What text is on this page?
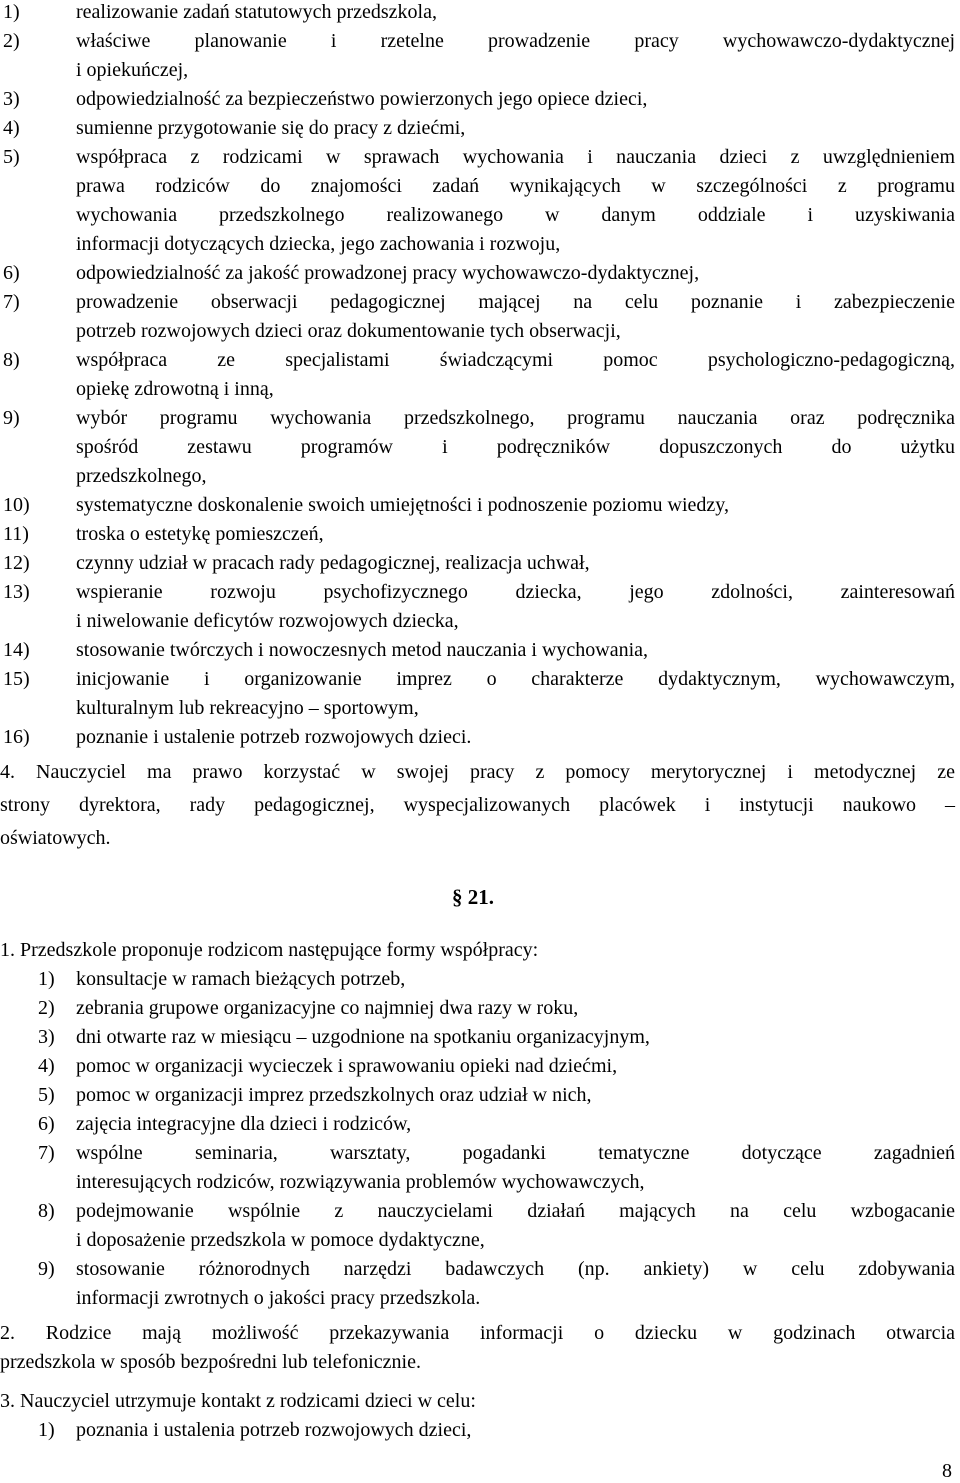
1)	realizowanie zadań statutowych przedszkola,
2)	właściwe planowanie i rzetelne prowadzenie pracy wychowawczo-dydaktycznej
i opiekuńczej,
3)	odpowiedzialność za bezpieczeństwo powierzonych jego opiece dzieci,
4)	sumienne przygotowanie się do pracy z dziećmi,
5)	współpraca z rodzicami w sprawach wychowania i nauczania dzieci z uwzględnieniem
prawa rodziców do znajomości zadań wynikających w szczególności z programu
wychowania przedszkolnego realizowanego w danym oddziale i uzyskiwania
informacji dotyczących dziecka, jego zachowania i rozwoju,
6)	odpowiedzialność za jakość prowadzonej pracy wychowawczo-dydaktycznej,
7)	prowadzenie obserwacji pedagogicznej mającej na celu poznanie i zabezpieczenie
potrzeb rozwojowych dzieci oraz dokumentowanie tych obserwacji,
8)	współpraca ze specjalistami świadczącymi pomoc psychologiczno-pedagogiczną,
opiekę zdrowotną i inną,
9)	wybór programu wychowania przedszkolnego, programu nauczania oraz podręcznika
spośród zestawu programów i podręczników dopuszczonych do użytku
przedszkolnego,
10) systematyczne doskonalenie swoich umiejętności i podnoszenie poziomu wiedzy,
11) troska o estetykę pomieszczeń,
12) czynny udział w pracach rady pedagogicznej, realizacja uchwał,
13) wspieranie rozwoju psychofizycznego dziecka, jego zdolności, zainteresowań
i niwelowanie deficytów rozwojowych dziecka,
14) stosowanie twórczych i nowoczesnych metod nauczania i wychowania,
15) inicjowanie i organizowanie imprez o charakterze dydaktycznym, wychowawczym,
kulturalnym lub rekreacyjno – sportowym,
16) poznanie i ustalenie potrzeb rozwojowych dzieci.
4. Nauczyciel ma prawo korzystać w swojej pracy z pomocy merytorycznej i metodycznej ze
strony dyrektora, rady pedagogicznej, wyspecjalizowanych placówek i instytucji naukowo –
oświatowych.
§ 21.
1. Przedszkole proponuje rodzicom następujące formy współpracy:
1) konsultacje w ramach bieżących potrzeb,
2) zebrania grupowe organizacyjne co najmniej dwa razy w roku,
3) dni otwarte raz w miesiącu – uzgodnione na spotkaniu organizacyjnym,
4) pomoc w organizacji wycieczek i sprawowaniu opieki nad dziećmi,
5) pomoc w organizacji imprez przedszkolnych oraz udział w nich,
6) zajęcia integracyjne dla dzieci i rodziców,
7) wspólne seminaria, warsztaty, pogadanki tematyczne dotyczące zagadnień
interesujących rodziców, rozwiązywania problemów wychowawczych,
8) podejmowanie wspólnie z nauczycielami działań mających na celu wzbogacanie
i doposażenie przedszkola w pomoce dydaktyczne,
9) stosowanie różnorodnych narzędzi badawczych (np. ankiety) w celu zdobywania
informacji zwrotnych o jakości pracy przedszkola.
2. Rodzice mają możliwość przekazywania informacji o dziecku w godzinach otwarcia
przedszkola w sposób bezpośredni lub telefonicznie.
3. Nauczyciel utrzymuje kontakt z rodzicami dzieci w celu:
1) poznania i ustalenia potrzeb rozwojowych dzieci,
8
